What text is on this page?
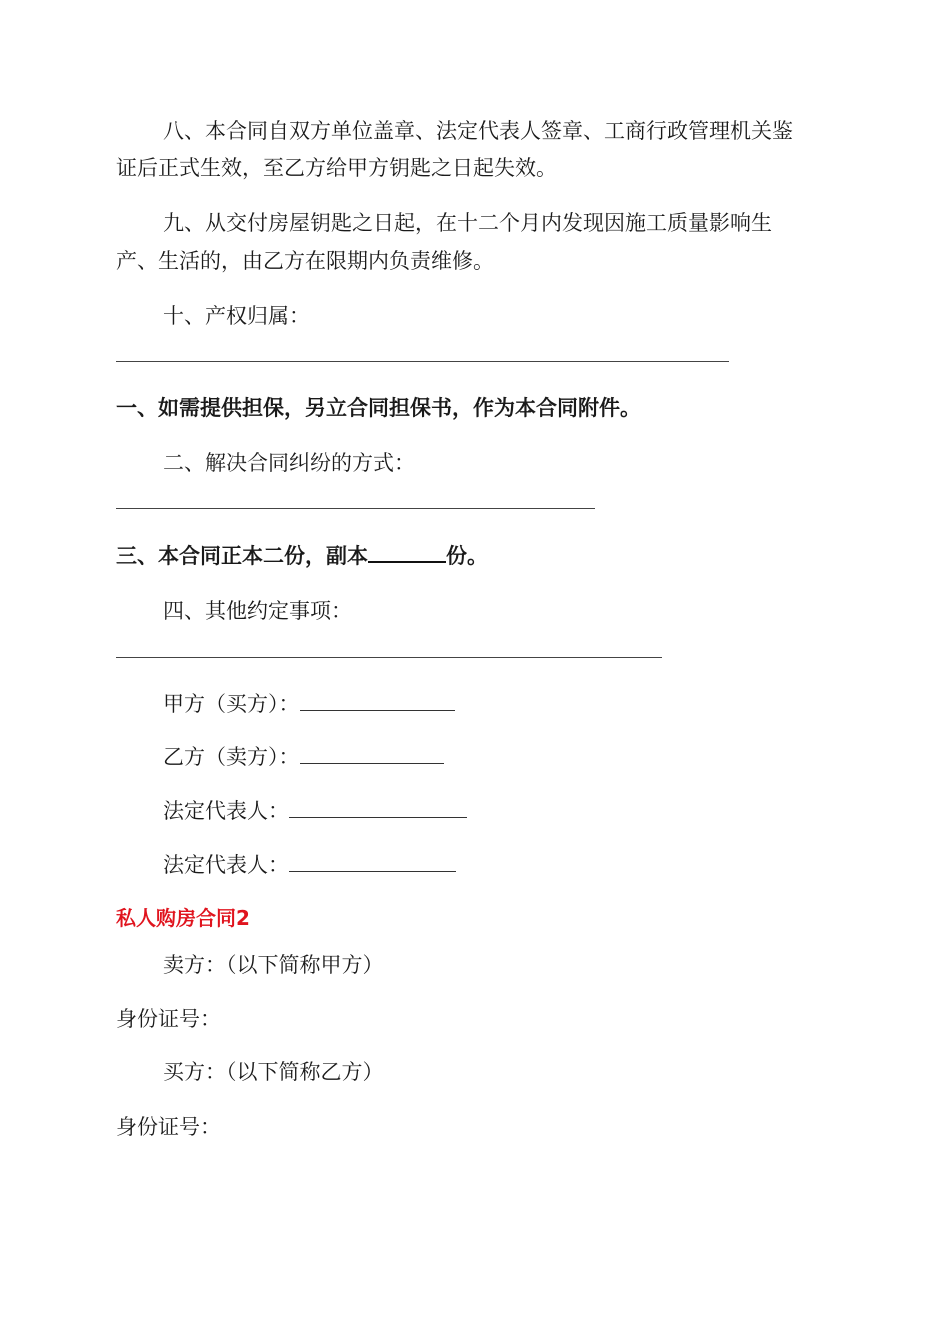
八、本合同自双方单位盖章、法定代表人签章、工商行政管理机关鉴
证后正式生效，至乙方给甲方钥匙之日起失效。
九、从交付房屋钥匙之日起，在十二个月内发现因施工质量影响生
产、生活的，由乙方在限期内负责维修。
十、产权归属：
一、如需提供担保，另立合同担保书，作为本合同附件。
二、解决合同纠纷的方式：
三、本合同正本二份，副本	份。
四、其他约定事项：
甲方（买方）：
乙方（卖方）：
法定代表人：
法定代表人：
私人购房合同2
卖方：（以下简称甲方）
身份证号：
买方：（以下简称乙方）
身份证号：
